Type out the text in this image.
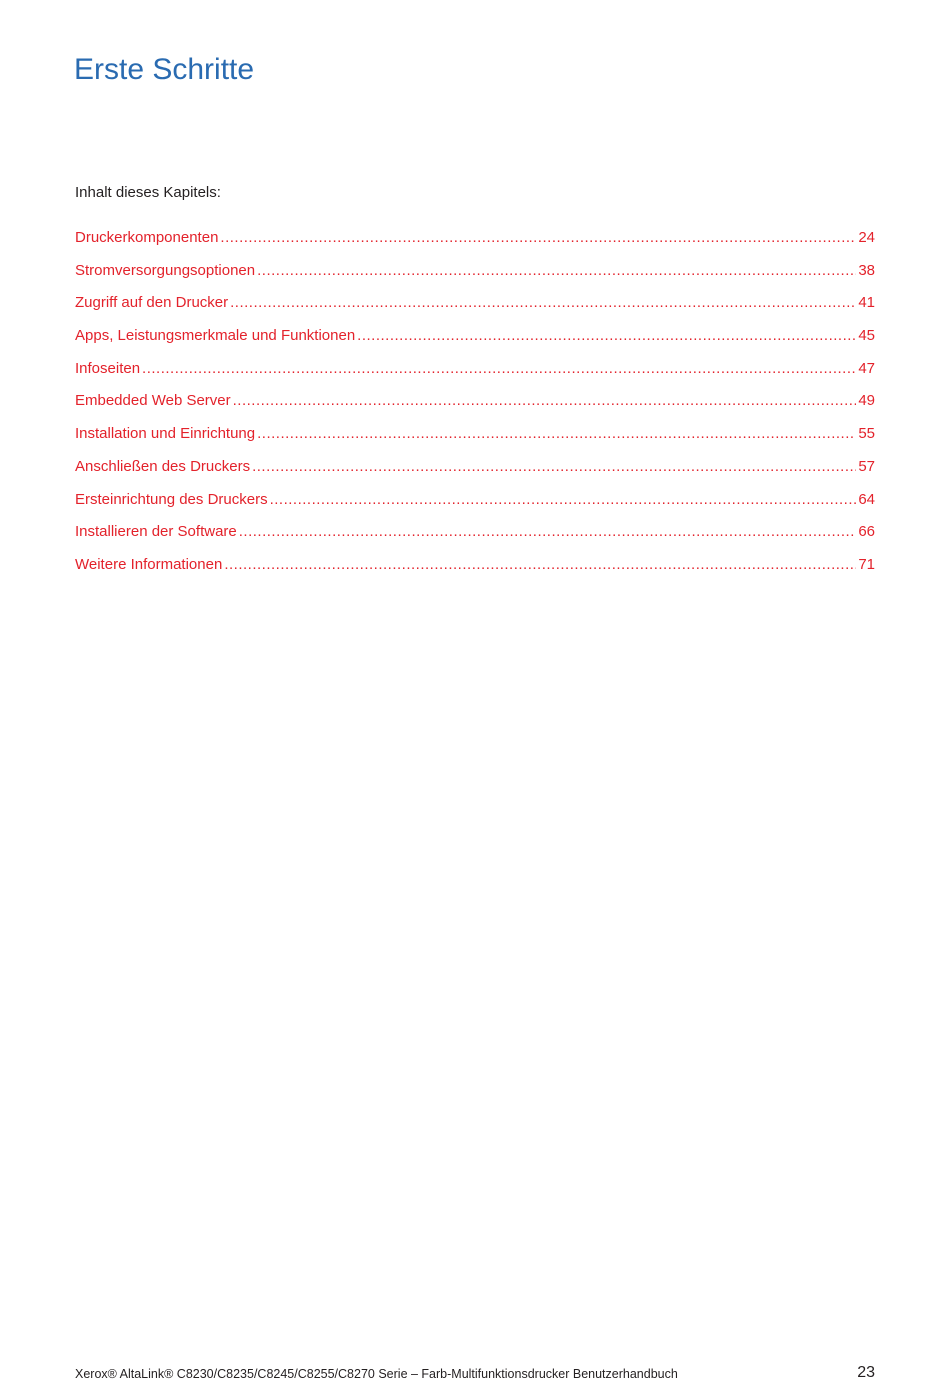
Erste Schritte
Inhalt dieses Kapitels:
Druckerkomponenten .....	24
Stromversorgungsoptionen .....	38
Zugriff auf den Drucker .....	41
Apps, Leistungsmerkmale und Funktionen .....	45
Infoseiten .....	47
Embedded Web Server .....	49
Installation und Einrichtung .....	55
Anschließen des Druckers .....	57
Ersteinrichtung des Druckers .....	64
Installieren der Software .....	66
Weitere Informationen .....	71
Xerox® AltaLink® C8230/C8235/C8245/C8255/C8270 Serie – Farb-Multifunktionsdrucker Benutzerhandbuch	23
